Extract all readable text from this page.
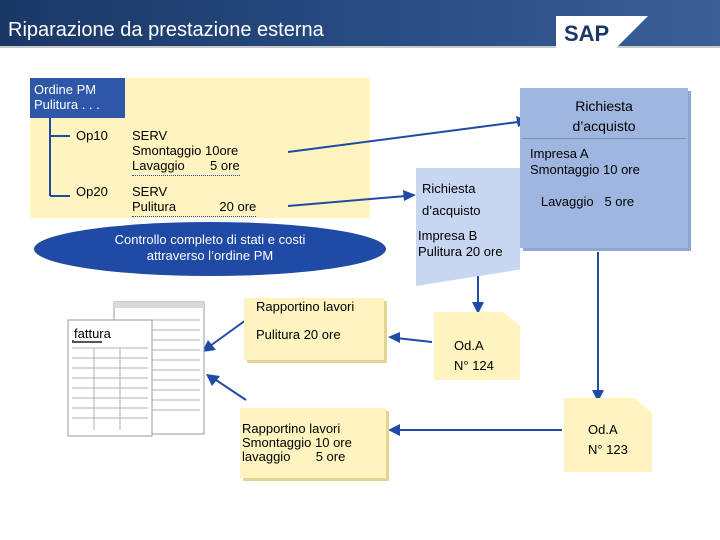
Riparazione da prestazione esterna	SAP
Ordine PM
Pulitura . . .
Op10 SERV
Smontaggio 10ore
Lavaggio       5 ore
Op20 SERV
Pulitura            20 ore
Controllo completo di stati e costi
attraverso l’ordine PM
Richiesta
d’acquisto
Impresa A
Smontaggio 10 ore

Lavaggio   5 ore
Richiesta
d’acquisto
Impresa B
Pulitura 20 ore
Rapportino lavori

Pulitura 20 ore
Rapportino lavori
Smontaggio 10 ore
lavaggio       5 ore
Od.A
N° 124
Od.A
N° 123
fattura
